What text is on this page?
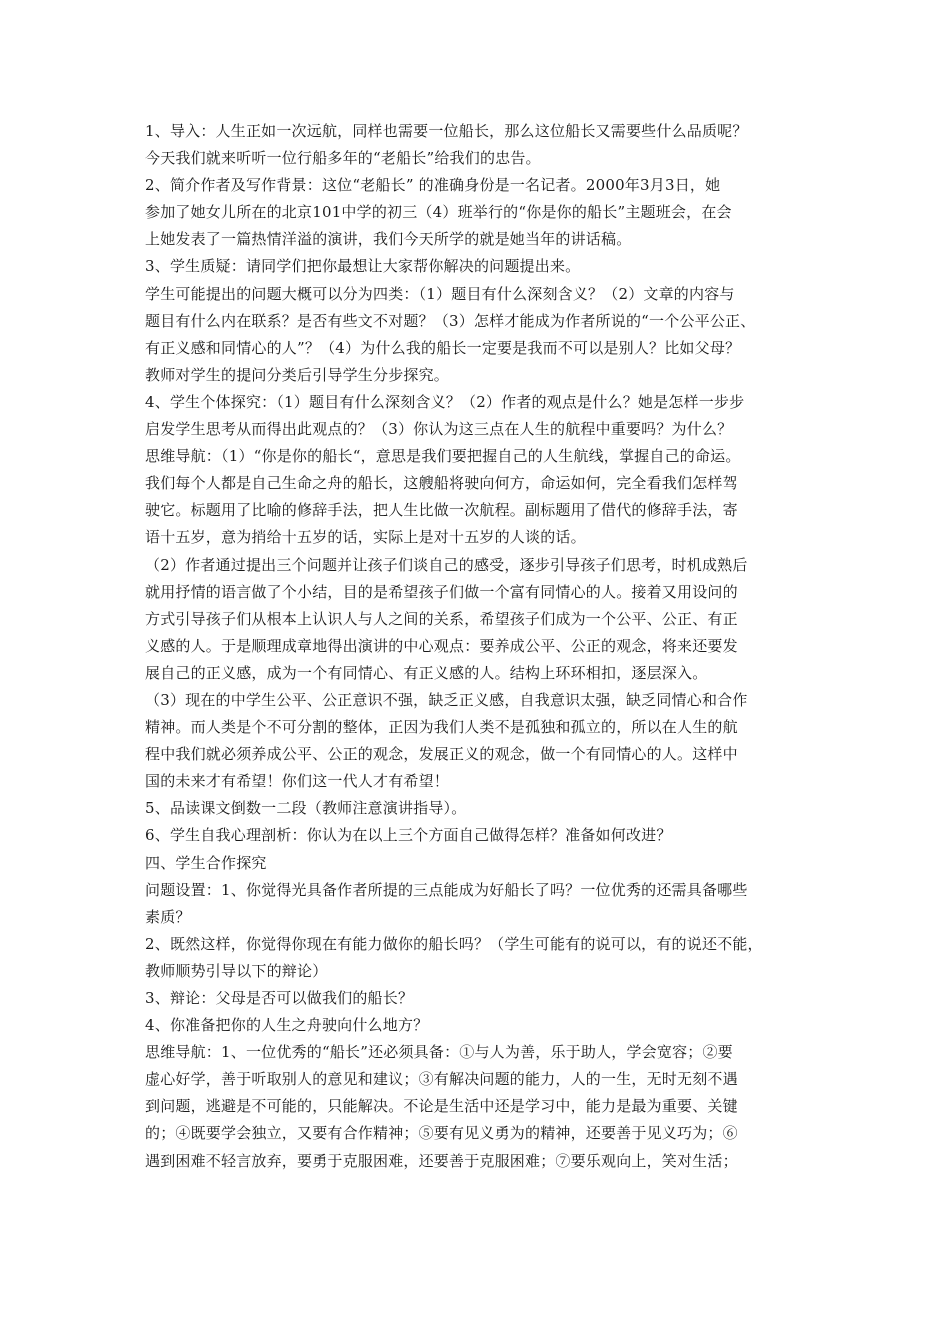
1、导入：人生正如一次远航，同样也需要一位船长，那么这位船长又需要些什么品质呢？
今天我们就来听听一位行船多年的“老船长”给我们的忠告。
2、简介作者及写作背景：这位“老船长” 的准确身份是一名记者。2000年3月3日，她
参加了她女儿所在的北京101中学的初三（4）班举行的“你是你的船长”主题班会，在会
上她发表了一篇热情洋溢的演讲，我们今天所学的就是她当年的讲话稿。
3、学生质疑：请同学们把你最想让大家帮你解决的问题提出来。
学生可能提出的问题大概可以分为四类：（1）题目有什么深刻含义？（2）文章的内容与
题目有什么内在联系？是否有些文不对题？（3）怎样才能成为作者所说的“一个公平公正、
有正义感和同情心的人”？（4）为什么我的船长一定要是我而不可以是别人？比如父母？
教师对学生的提问分类后引导学生分步探究。
4、学生个体探究：（1）题目有什么深刻含义？（2）作者的观点是什么？她是怎样一步步
启发学生思考从而得出此观点的？（3）你认为这三点在人生的航程中重要吗？为什么？
思维导航：（1）“你是你的船长“，意思是我们要把握自己的人生航线，掌握自己的命运。
我们每个人都是自己生命之舟的船长，这艘船将驶向何方，命运如何，完全看我们怎样驾
驶它。标题用了比喻的修辞手法，把人生比做一次航程。副标题用了借代的修辞手法，寄
语十五岁，意为捎给十五岁的话，实际上是对十五岁的人谈的话。
（2）作者通过提出三个问题并让孩子们谈自己的感受，逐步引导孩子们思考，时机成熟后
就用抒情的语言做了个小结，目的是希望孩子们做一个富有同情心的人。接着又用设问的
方式引导孩子们从根本上认识人与人之间的关系，希望孩子们成为一个公平、公正、有正
义感的人。于是顺理成章地得出演讲的中心观点：要养成公平、公正的观念，将来还要发
展自己的正义感，成为一个有同情心、有正义感的人。结构上环环相扣，逐层深入。
（3）现在的中学生公平、公正意识不强，缺乏正义感，自我意识太强，缺乏同情心和合作
精神。而人类是个不可分割的整体，正因为我们人类不是孤独和孤立的，所以在人生的航
程中我们就必须养成公平、公正的观念，发展正义的观念，做一个有同情心的人。这样中
国的未来才有希望！你们这一代人才有希望！
5、品读课文倒数一二段（教师注意演讲指导）。
6、学生自我心理剖析：你认为在以上三个方面自己做得怎样？准备如何改进？
四、学生合作探究
问题设置：1、你觉得光具备作者所提的三点能成为好船长了吗？一位优秀的还需具备哪些
素质？
2、既然这样，你觉得你现在有能力做你的船长吗？（学生可能有的说可以，有的说还不能，
教师顺势引导以下的辩论）
3、辩论：父母是否可以做我们的船长？
4、你准备把你的人生之舟驶向什么地方？
思维导航：1、一位优秀的“船长”还必须具备：①与人为善，乐于助人，学会宽容；②要
虚心好学，善于听取别人的意见和建议；③有解决问题的能力，人的一生，无时无刻不遇
到问题，逃避是不可能的，只能解决。不论是生活中还是学习中，能力是最为重要、关键
的；④既要学会独立，又要有合作精神；⑤要有见义勇为的精神，还要善于见义巧为；⑥
遇到困难不轻言放弃，要勇于克服困难，还要善于克服困难；⑦要乐观向上，笑对生活；
